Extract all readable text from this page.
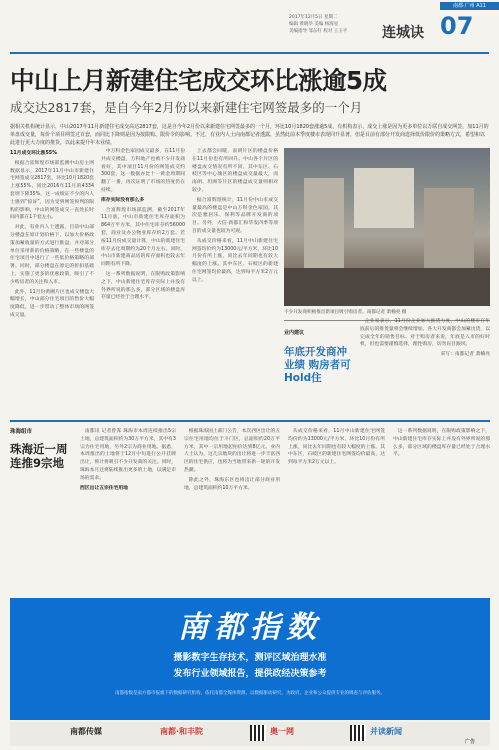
南都·广州 A11
2017年12月5日 星期二
编辑 黄晓华 美编 杨海星
美编指导 邹东红 校对 王玉平	连城诀 07
中山上月新建住宅成交环比涨逾5成
成交达2817套，是自今年2月份以来新建住宅网签最多的一个月
据相关机构统计显示，中山2017年11月新建住宅成交高达2817套，这是自今年2月份以来新建住宅网签最多的一个月，环比10月1820套涨逾5成，有机构表示，成交上涨是因为更多单位以万联自成交网签，加11月的单盘成交量，每价个项目网签过百套，而同比下降则是因为按限购、限价令的影响。不过，有业内人士向南都记者透露，虽然此前本季度楼市表现回升显著，但是目前有部分开发商选择低价限价的策略方式，希望和以此进行更大力度的推货，以此来提升年末业绩。
11月成交环比涨55%

根据合富辉煌市场部监测中山房主网数据显示，2017年11月中山市新建住宅网签成交2817套，环比10月1820套上涨55%，同比2016年11月的4334套则下降35%，这一成绩证不少的内人士感到“惊讶”，因为受到网签预判的限购的影响，中山的网签成交一直处长时间内都在1千套左右。

对此，有业内人士透露，目前中山部分楼盘在原计划价格下，以加大价格政策加紧收量的方式进行推盘，并对部分单位采用新的价格策略，在一些楼盘的住宅项目中进行了一些低价格策略的部署。同时，部分楼盘在原定的折扣基础上，实施了更多的优惠政策，吸引了不少购房者的关注和入市。

此外，11月份黄圃片区也成交楼盘大幅增长，中山部分住宅项目的售价大幅度降低，进一步带动了整体市场的网签成交量。

中万科金色家园成交最多，在11月份共成交楼盘，万科地产也被不少开发商看好，其中项目11月份的网签成交约300套，这一数据亦比十一黄金周期间翻了一番，再次证明了市场的热度仍在持续。

库存实际没有那么多

合富辉煌市场部监测，截至2017年11月底，中山市新建住宅库存面积为864万平方米，其中住宅库存约56000套，商业及办公物业库存约2万套。若按11月份成交量计算，中山的新建住宅库存去化周期约为20个月左右。同时，中山市新建商品房的库存面积也较去年同期有所下降。

这一系列数据说明，在限购政策影响之下，中山新建住宅库存实际上并没有外界所说的那么多，部分区域的楼盘库存量已经处于合理水平。

上去都会回暖，南朗片区的楼盘价格在11月份也有所回升。中山各个片区的楼盘成交情况有所不同，其中东区、石岐区等中心城区的楼盘成交量最大，而南朗、坦洲等片区的楼盘成交量则相对较少。

据合富辉煌统计，11月份中山市成交量最高的楼盘是中山万科金色家园，其次是雅居乐、保利等品牌开发商的项目。另外，大信·新都汇和华发四季等项目的成交量也较为可观。

从成交价格来看，11月中山新建住宅网签均价约为13000元/平方米，环比10月份有所上涨，同比去年同期也有较大幅度的上涨。其中东区、石岐区的新建住宅网签均价最高，达到每平方米2万元以上。

不少开发商积极推出新项目吸引购房者。南都记者 萧楠亮 摄
业内建议
年底开发商冲业绩 购房者可Hold住

企业家表示，11月份企业加大推货力度，中山的楼市在年底前后的推货量将会继续增加，各大开发商都会加紧出货，以完成全年的销售目标。对于购房者来说，年底是入市的好时机，但也需要谨慎选择，理性购房，切勿盲目跟风。

采写：南都记者 萧楠亮

珠海组市
珠海近一周 连推9宗地

南都讯 记者曾霁 珠海市本周连续推出5宗土地，总建筑面积约为30万平方米，其中有3宗为住宅用地，另外2宗为商业用地。据悉，本周推出的土地将于12月中旬进行公开挂牌出让，预计将吸引不少开发商的关注。同时，珠海本月还将陆续推出更多的土地，以满足市场的需求。

西区出让五宗住宅用地

根据珠海国土部门公告，本次西区出让的五宗住宅用地均位于斗门区，总面积约20万平方米，其中一宗用地起拍价达到8亿元。业内人士认为，这几宗地块的出让将进一步丰富西区的住宅供应，也将为当地带来新一轮的开发热潮。

除此之外，珠海东区也将出让部分商业用地，总建筑面积约10万平方米。

从成交价格来看，11月中山新建住宅网签均价约为13000元/平方米，环比10月份有所上涨，同比去年同期也有较大幅度的上涨。其中东区、石岐区的新建住宅网签均价最高，达到每平方米2万元以上。

这一系列数据说明，在限购政策影响之下，中山新建住宅库存实际上并没有外界所说的那么多，部分区域的楼盘库存量已经处于合理水平。

南都指数
摄影数字生存技术，测评区域治理水准
发布行业领域报告，提供政经决策参考
南都指数是南方都市报旗下的数据研究机构，依托南都全媒体资源，以数据驱动研究，为政府、企业和公众提供专业的调查与评估服务。
南都传媒	南都·和丰院	奥一网	并读新闻
广告
